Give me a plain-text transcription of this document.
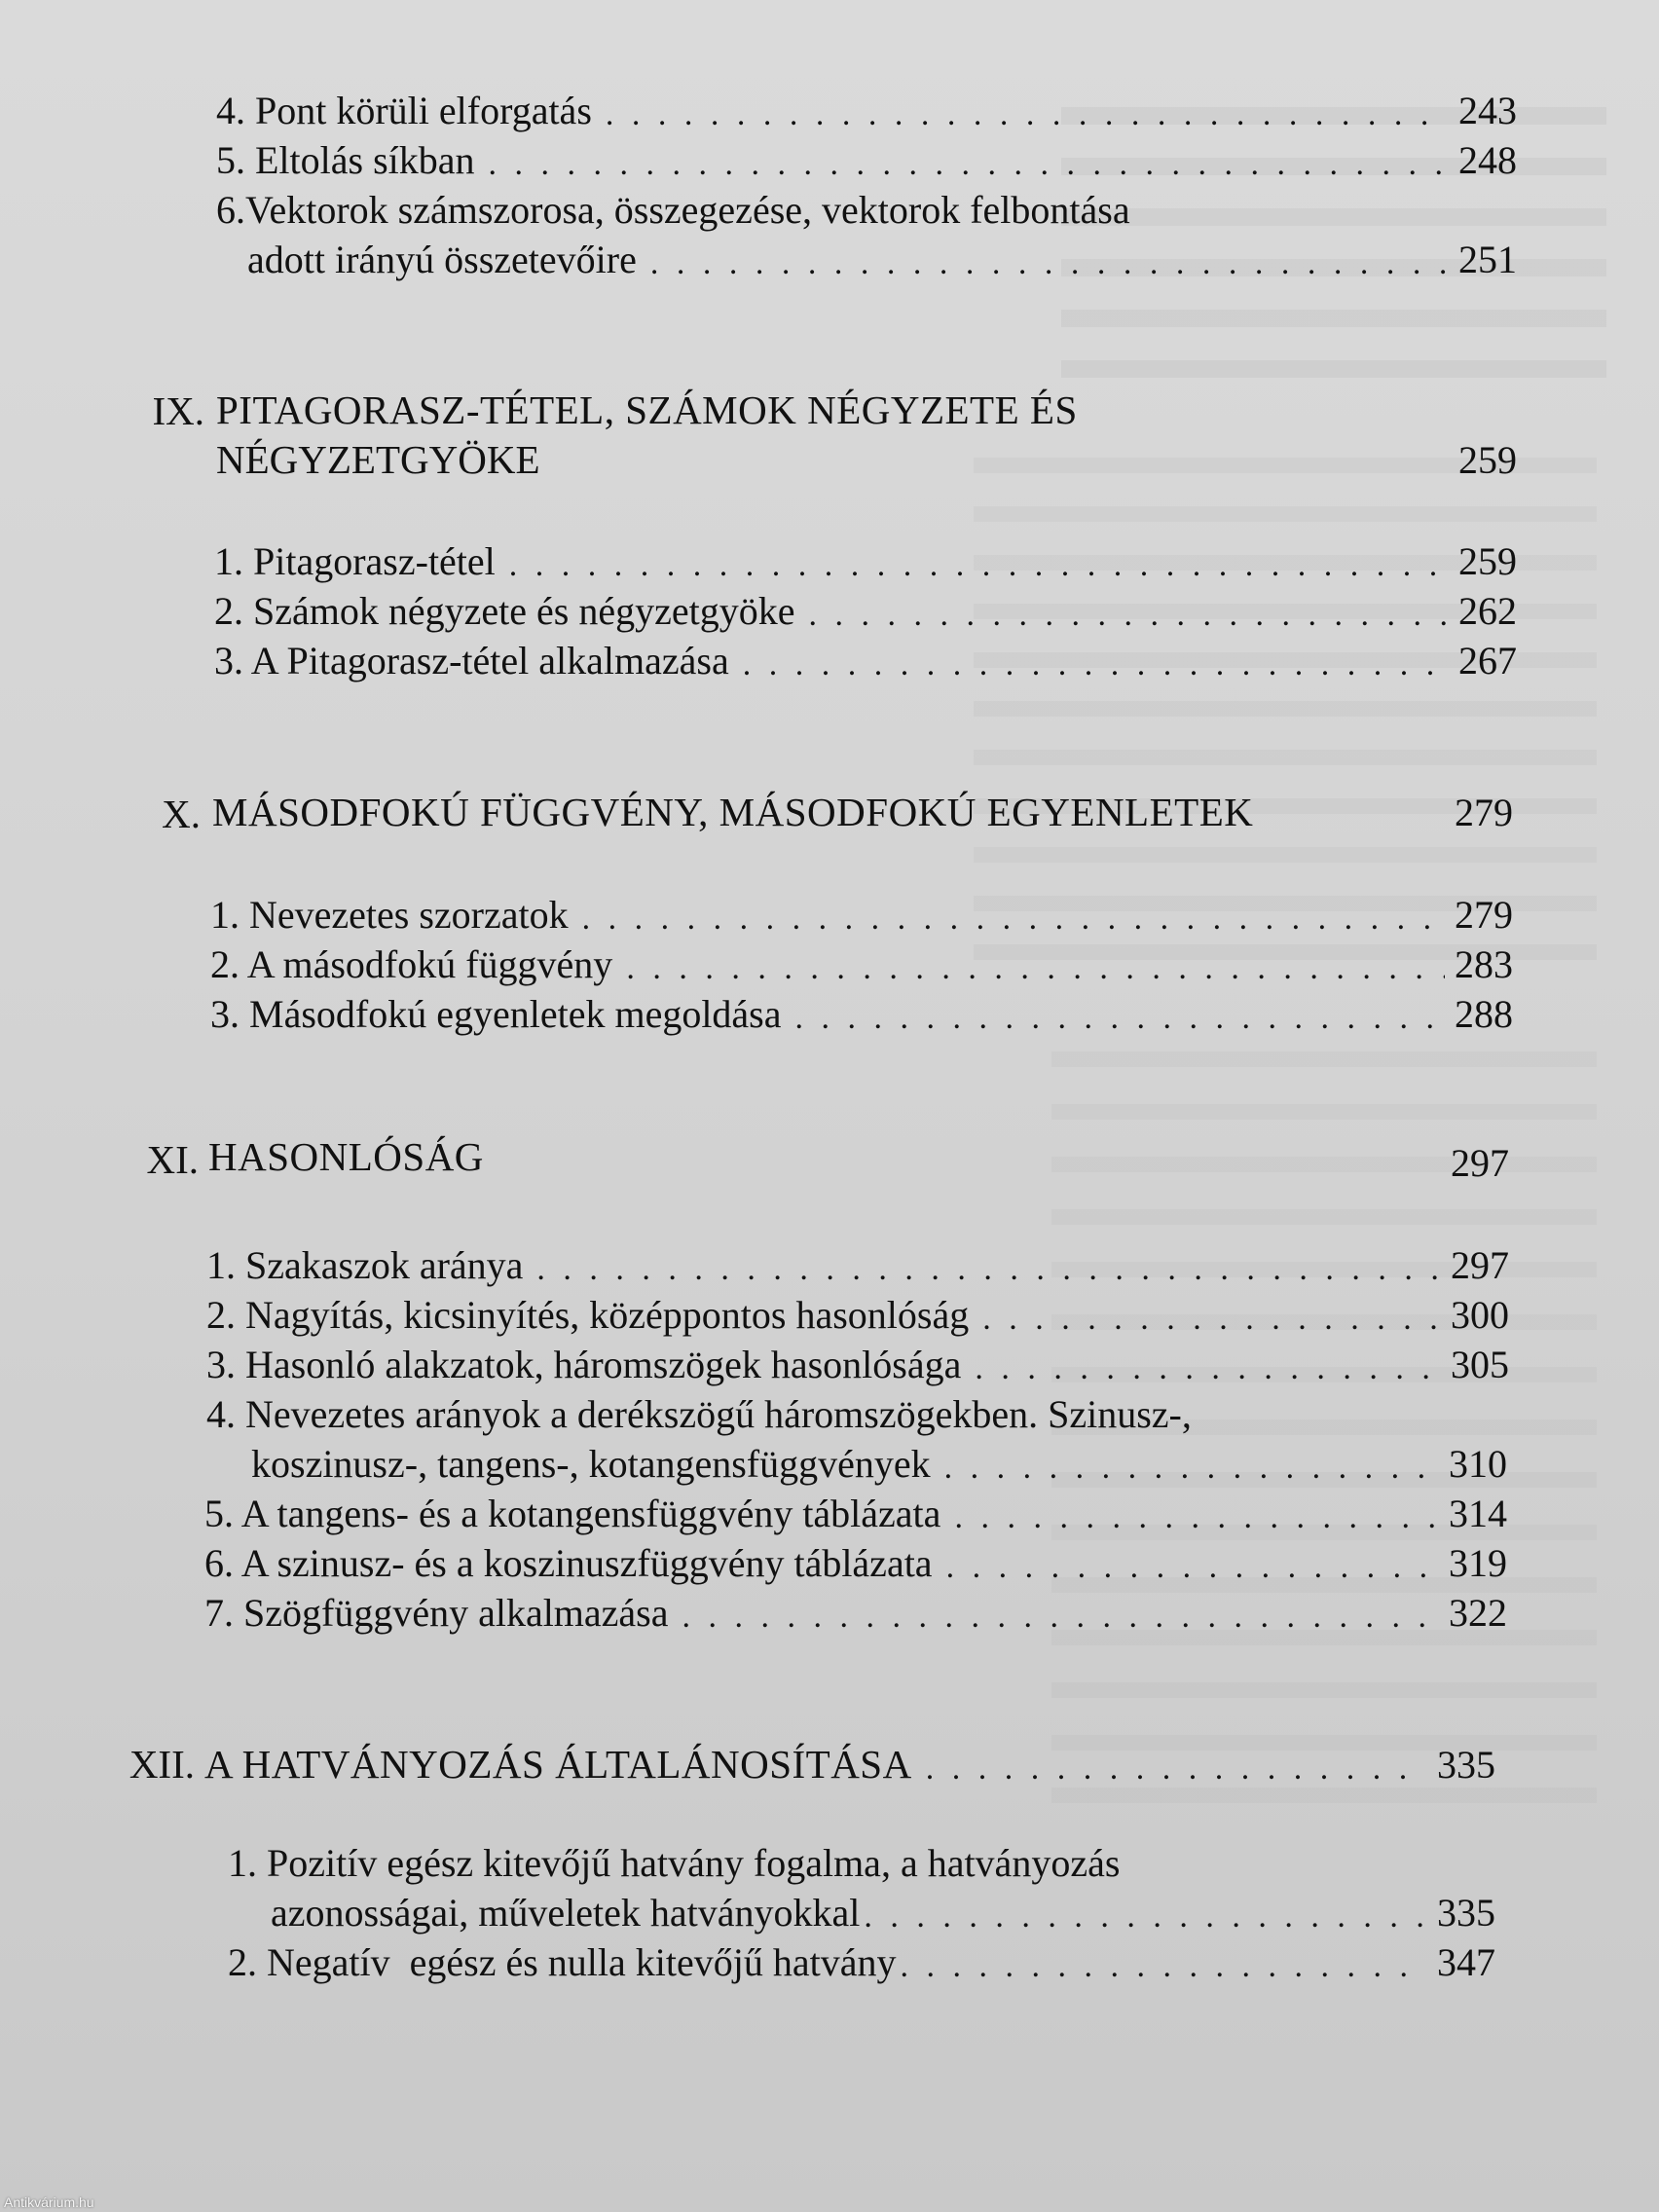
4. Pont körüli elforgatás . . .	243
5. Eltolás síkban . . .	248
6.Vektorok számszorosa, összegezése, vektorok felbontása
adott irányú összetevőire . . .	251
IX. PITAGORASZ-TÉTEL, SZÁMOK NÉGYZETE ÉS
NÉGYZETGYÖKE	259
1. Pitagorasz-tétel . . .	259
2. Számok négyzete és négyzetgyöke . . .	262
3. A Pitagorasz-tétel alkalmazása . . .	267
X. MÁSODFOKÚ FÜGGVÉNY, MÁSODFOKÚ EGYENLETEK	279
1. Nevezetes szorzatok . . .	279
2. A másodfokú függvény . . .	283
3. Másodfokú egyenletek megoldása . . .	288
XI. HASONLÓSÁG	297
1. Szakaszok aránya . . .	297
2. Nagyítás, kicsinyítés, középpontos hasonlóság . . .	300
3. Hasonló alakzatok, háromszögek hasonlósága . . .	305
4. Nevezetes arányok a derékszögű háromszögekben. Szinusz-,
koszinusz-, tangens-, kotangensfüggvények . . .	310
5. A tangens- és a kotangensfüggvény táblázata . . .	314
6. A szinusz- és a koszinuszfüggvény táblázata . . .	319
7. Szögfüggvény alkalmazása . . .	322
XII. A HATVÁNYOZÁS ÁLTALÁNOSÍTÁSA . . .	335
1. Pozitív egész kitevőjű hatvány fogalma, a hatványozás
azonosságai, műveletek hatványokkal . . .	335
2. Negatív  egész és nulla kitevőjű hatvány . . .	347
Antikvárium.hu
